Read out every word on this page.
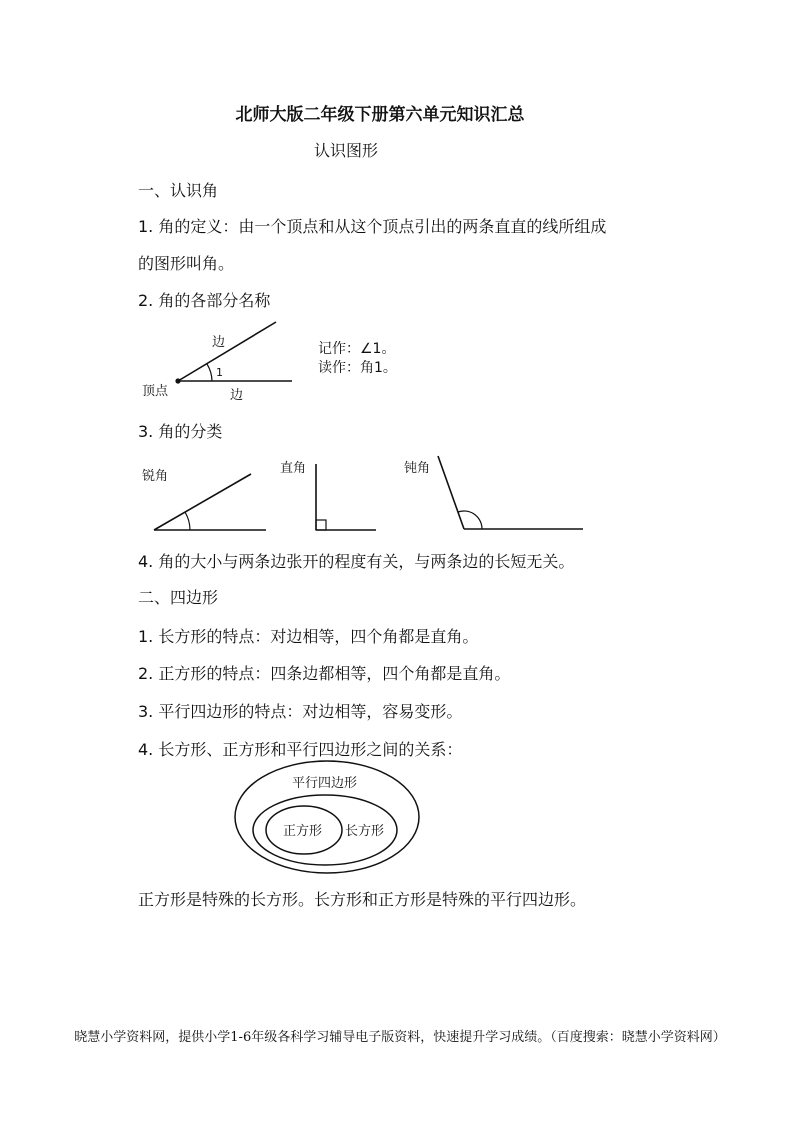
北师大版二年级下册第六单元知识汇总
认识图形
一、认识角
1. 角的定义：由一个顶点和从这个顶点引出的两条直直的线所组成
的图形叫角。
2. 角的各部分名称
边
1
顶点	边
记作：∠1。
读作：角1。
3. 角的分类
锐角
直角	钝角
4. 角的大小与两条边张开的程度有关，与两条边的长短无关。
二、四边形
1. 长方形的特点：对边相等，四个角都是直角。
2. 正方形的特点：四条边都相等，四个角都是直角。
3. 平行四边形的特点：对边相等，容易变形。
4. 长方形、正方形和平行四边形之间的关系：
平行四边形
正方形 长方形
正方形是特殊的长方形。长方形和正方形是特殊的平行四边形。
晓慧小学资料网，提供小学1-6年级各科学习辅导电子版资料，快速提升学习成绩。（百度搜索：晓慧小学资料网）
